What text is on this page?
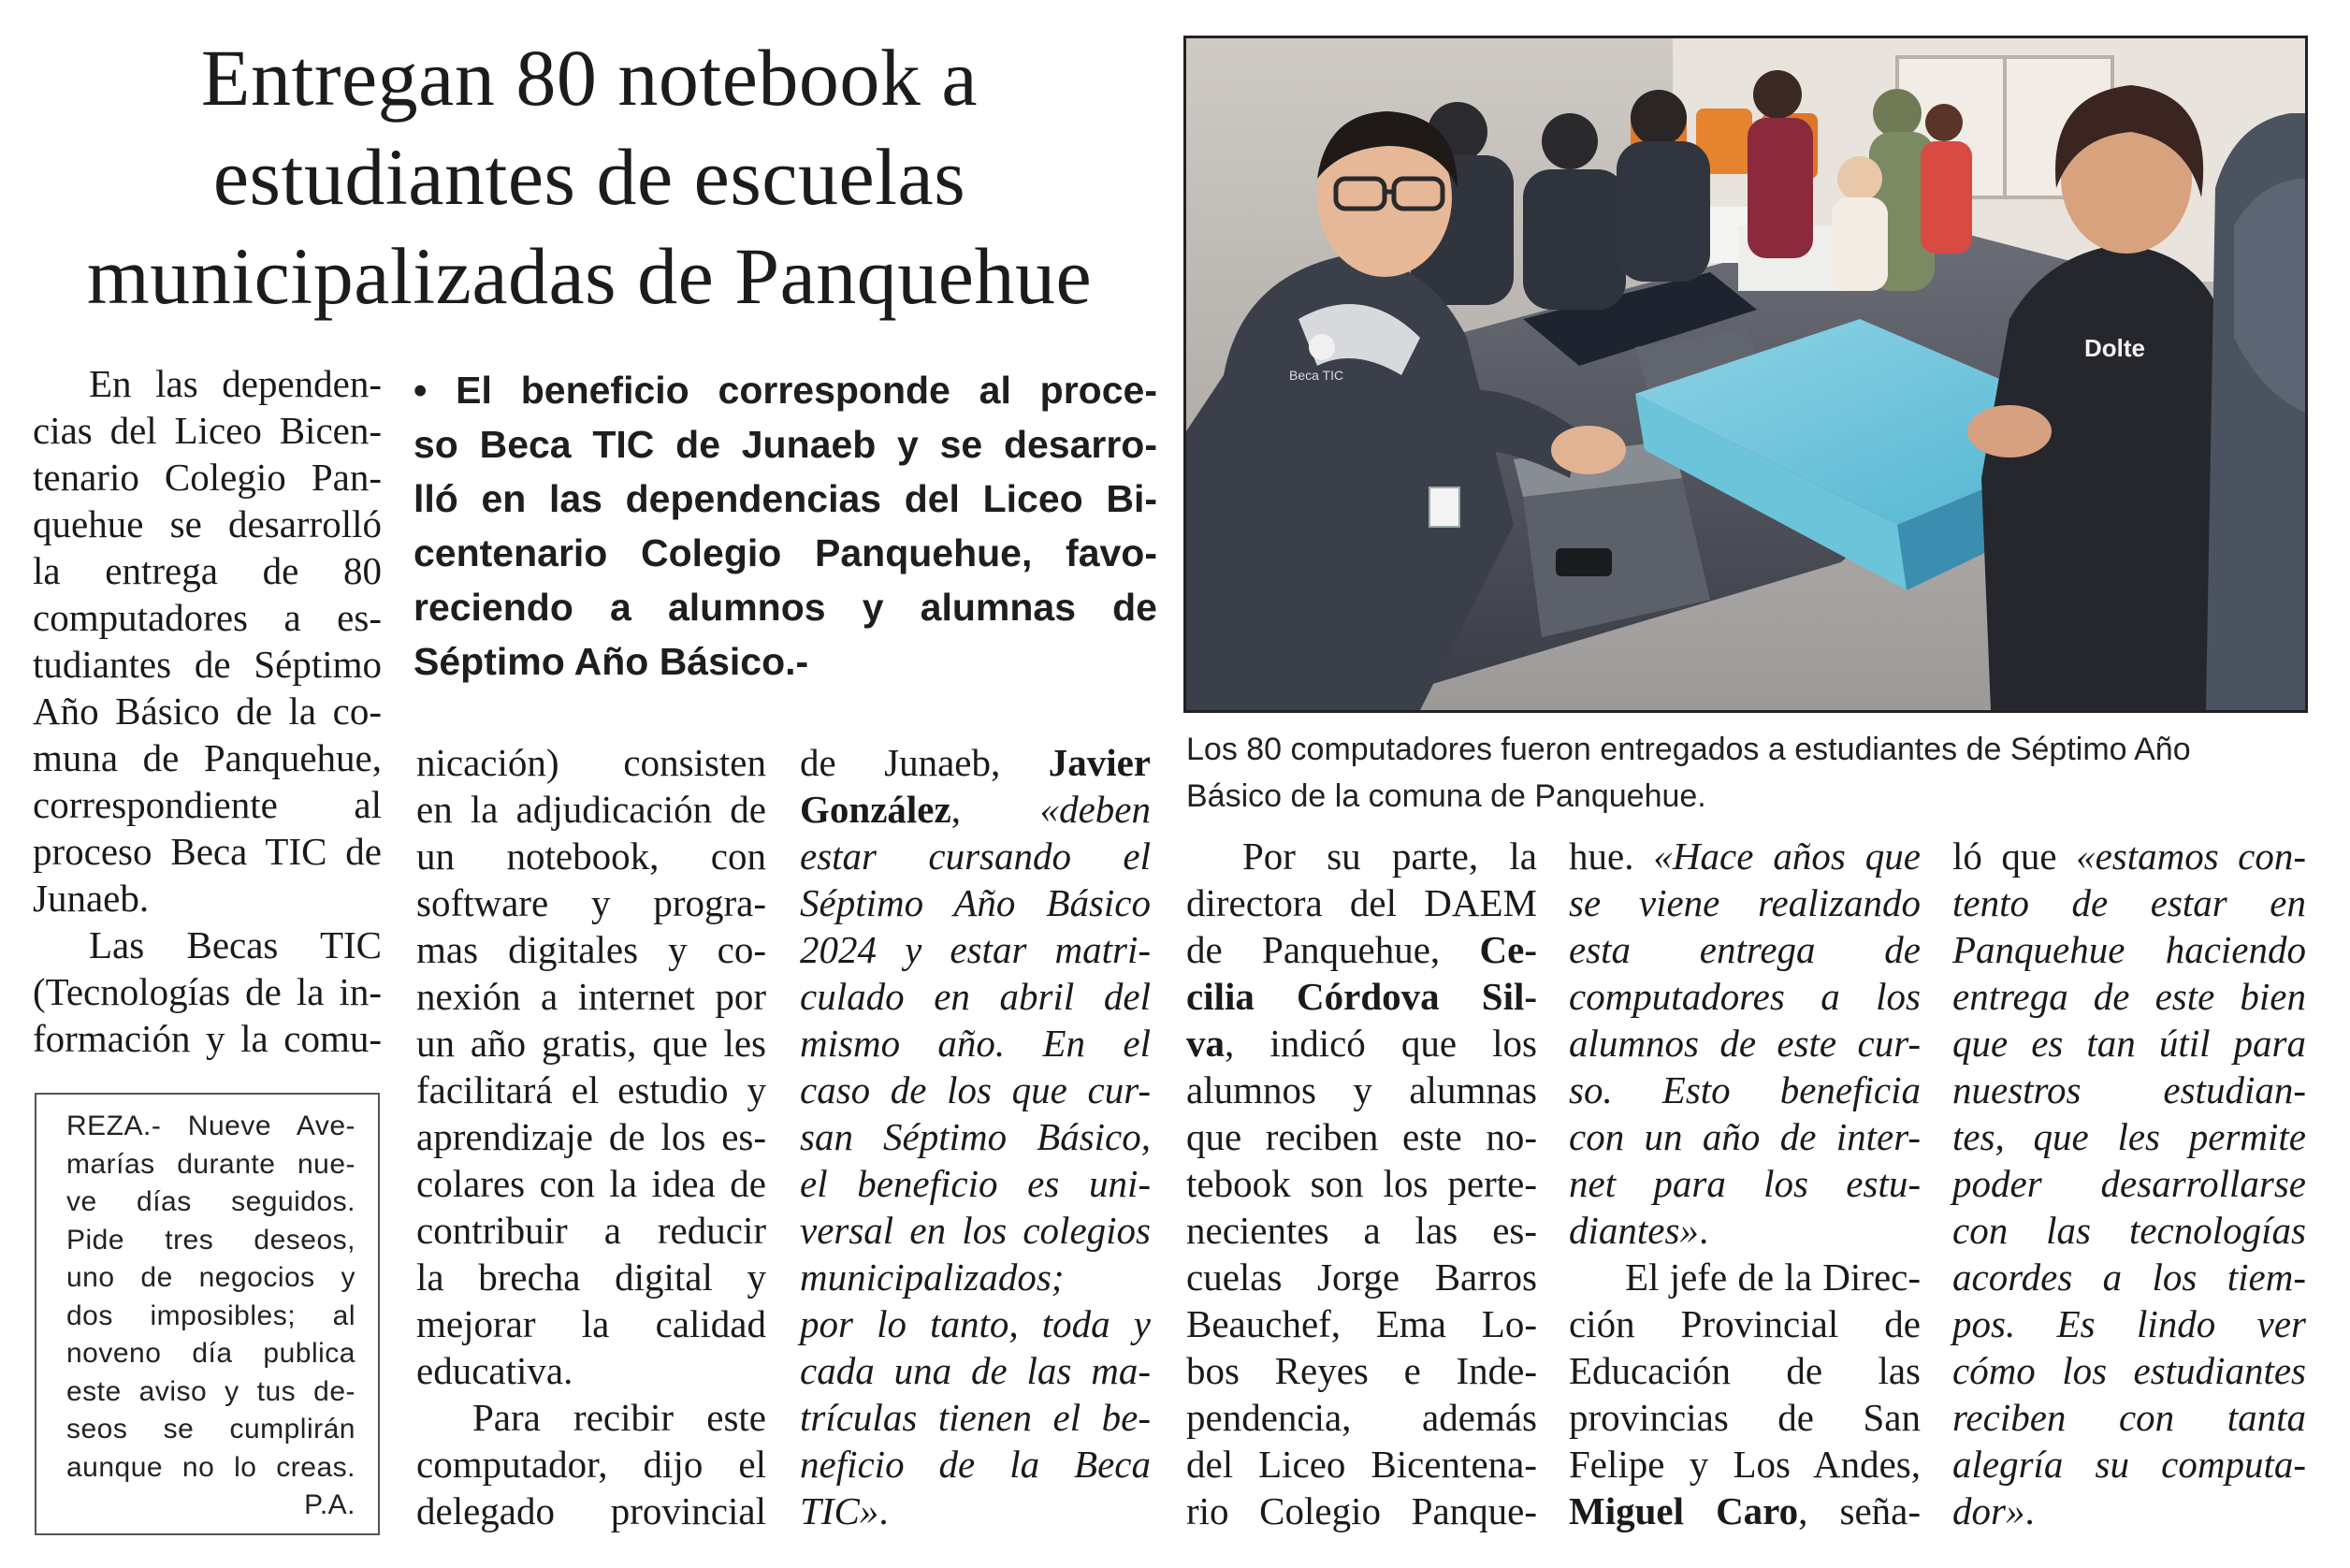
Entregan 80 notebook a
estudiantes de escuelas
municipalizadas de Panquehue
En las dependen-
cias del Liceo Bicen-
tenario Colegio Pan-
quehue se desarrolló
la entrega de 80
computadores a es-
tudiantes de Séptimo
Año Básico de la co-
muna de Panquehue,
correspondiente al
proceso Beca TIC de
Junaeb.
Las Becas TIC
(Tecnologías de la in-
formación y la comu-
REZA.- Nueve Ave-
marías durante nue-
ve días seguidos.
Pide tres deseos,
uno de negocios y
dos imposibles; al
noveno día publica
este aviso y tus de-
seos se cumplirán
aunque no lo creas.
P.A.
• El beneficio corresponde al proce-
so Beca TIC de Junaeb y se desarro-
lló en las dependencias del Liceo Bi-
centenario Colegio Panquehue, favo-
reciendo a alumnos y alumnas de
Séptimo Año Básico.-
nicación) consisten
en la adjudicación de
un notebook, con
software y progra-
mas digitales y co-
nexión a internet por
un año gratis, que les
facilitará el estudio y
aprendizaje de los es-
colares con la idea de
contribuir a reducir
la brecha digital y
mejorar la calidad
educativa.
Para recibir este
computador, dijo el
delegado provincial
de Junaeb, Javier
González, «deben
estar cursando el
Séptimo Año Básico
2024 y estar matri-
culado en abril del
mismo año. En el
caso de los que cur-
san Séptimo Básico,
el beneficio es uni-
versal en los colegios
municipalizados;
por lo tanto, toda y
cada una de las ma-
trículas tienen el be-
neficio de la Beca
TIC».
Beca TIC
Dolte
Los 80 computadores fueron entregados a estudiantes de Séptimo Año
Básico de la comuna de Panquehue.
Por su parte, la
directora del DAEM
de Panquehue, Ce-
cilia Córdova Sil-
va, indicó que los
alumnos y alumnas
que reciben este no-
tebook son los perte-
necientes a las es-
cuelas Jorge Barros
Beauchef, Ema Lo-
bos Reyes e Inde-
pendencia, además
del Liceo Bicentena-
rio Colegio Panque-
hue. «Hace años que
se viene realizando
esta entrega de
computadores a los
alumnos de este cur-
so. Esto beneficia
con un año de inter-
net para los estu-
diantes».
El jefe de la Direc-
ción Provincial de
Educación de las
provincias de San
Felipe y Los Andes,
Miguel Caro, seña-
ló que «estamos con-
tento de estar en
Panquehue haciendo
entrega de este bien
que es tan útil para
nuestros estudian-
tes, que les permite
poder desarrollarse
con las tecnologías
acordes a los tiem-
pos. Es lindo ver
cómo los estudiantes
reciben con tanta
alegría su computa-
dor».
